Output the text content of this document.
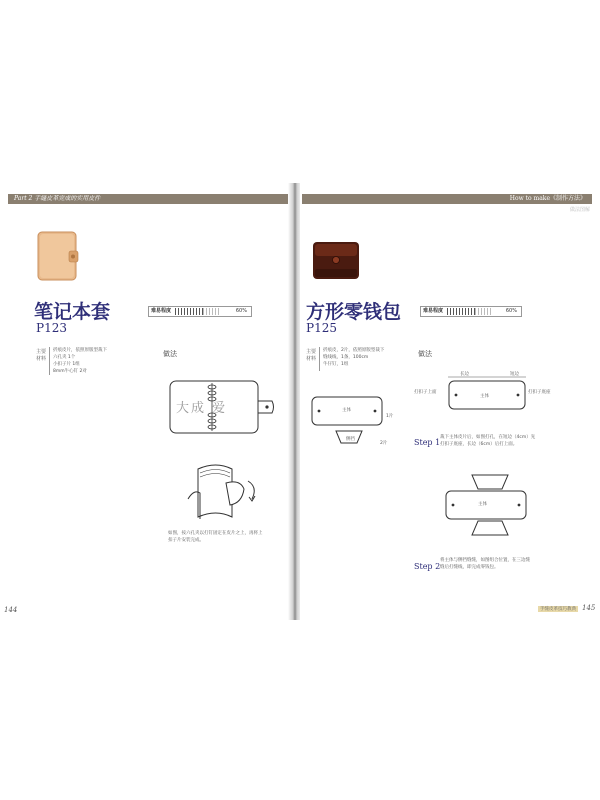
Part 2 手缝皮革完成的实用皮件
笔记本套
P123
难易程度	60%
主要材料
折痕皮片，依照原版型裁下
六孔夹 1个
小扣子片 1组
8mm牛心钉 2对
做法
大成 爱
如图，按六孔夹以打钉固定在皮片之上，再将上
扣子片安装完成。
144
How to make《制作方法》
做法图解
方形零钱包
P125
难易程度	60%
主要材料
折痕皮，2片，依照原版型裁下
缝线线，1条，100cm
牛仔钉，1组
主体
1片
侧挡
2片
做法
长边	短边
打扣子上面	打扣子底座
主体
Step 1
裁下主体皮片后，如图打孔，在短边（4cm）先
打扣子底座，长边（6cm）后打上面。
主体
Step 2
将主体与侧挡缝缝，如图组合位置，在三边缝
缝后打缝线，即完成零钱包。
手缝皮革技巧教典 145
